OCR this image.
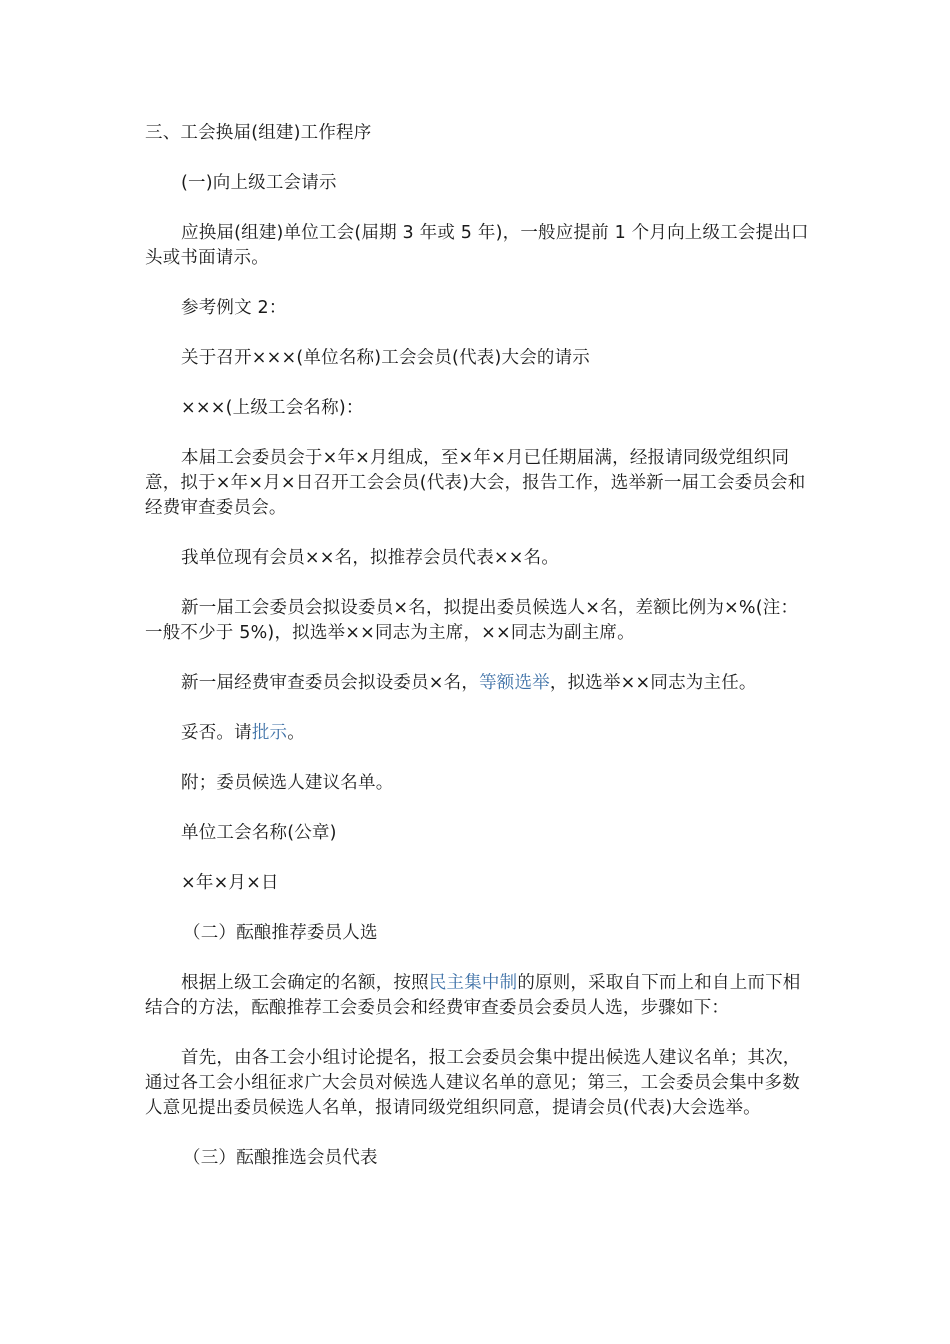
三、工会换届(组建)工作程序

(一)向上级工会请示

应换届(组建)单位工会(届期 3 年或 5 年)，一般应提前 1 个月向上级工会提出口头或书面请示。

参考例文 2：

关于召开×××(单位名称)工会会员(代表)大会的请示

×××(上级工会名称)：

本届工会委员会于×年×月组成，至×年×月已任期届满，经报请同级党组织同意，拟于×年×月×日召开工会会员(代表)大会，报告工作，选举新一届工会委员会和经费审查委员会。

我单位现有会员××名，拟推荐会员代表××名。

新一届工会委员会拟设委员×名，拟提出委员候选人×名，差额比例为×%(注：一般不少于 5%)，拟选举××同志为主席，××同志为副主席。

新一届经费审查委员会拟设委员×名，等额选举，拟选举××同志为主任。

妥否。请批示。

附；委员候选人建议名单。

单位工会名称(公章)

×年×月×日

（二）酝酿推荐委员人选

根据上级工会确定的名额，按照民主集中制的原则，采取自下而上和自上而下相结合的方法，酝酿推荐工会委员会和经费审查委员会委员人选，步骤如下：

首先，由各工会小组讨论提名，报工会委员会集中提出候选人建议名单；其次，通过各工会小组征求广大会员对候选人建议名单的意见；第三，工会委员会集中多数人意见提出委员候选人名单，报请同级党组织同意，提请会员(代表)大会选举。

（三）酝酿推选会员代表
